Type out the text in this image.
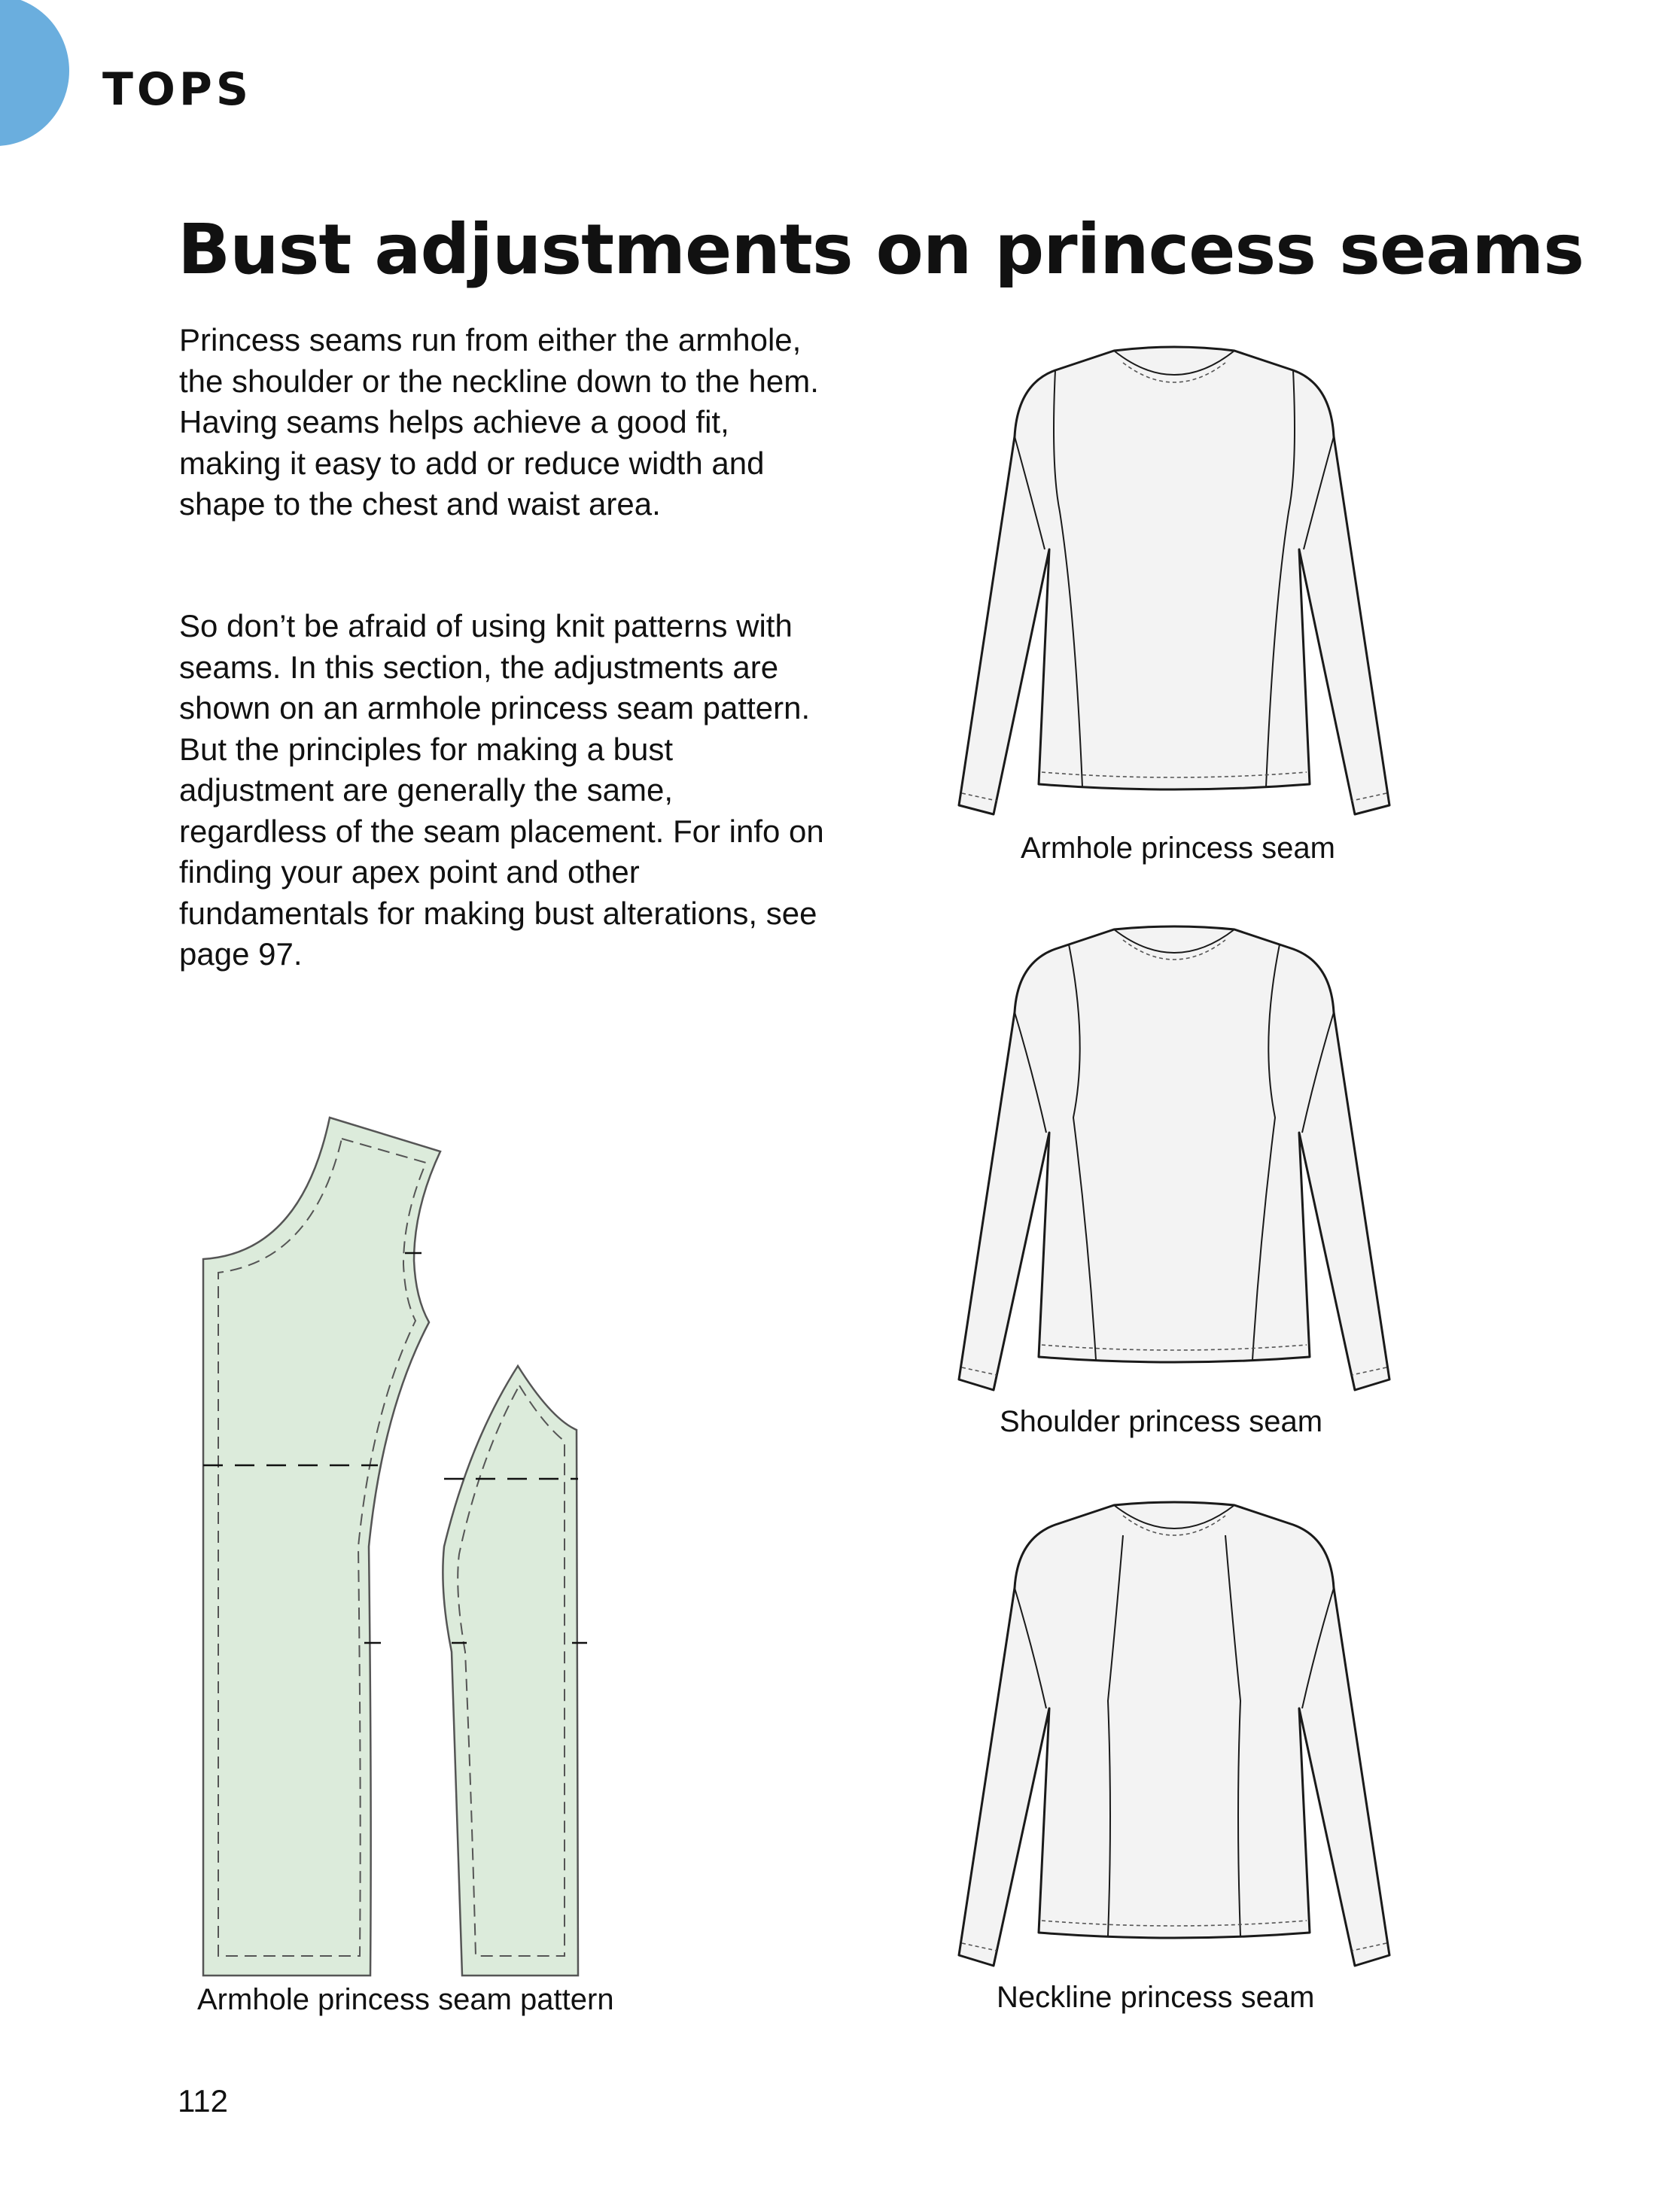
TOPS
Bust adjustments on princess seams
Princess seams run from either the armhole, the shoulder or the neckline down to the hem. Having seams helps achieve a good fit, making it easy to add or reduce width and shape to the chest and waist area.
So don’t be afraid of using knit patterns with seams. In this section, the adjustments are shown on an armhole princess seam pattern. But the principles for making a bust adjustment are generally the same, regardless of the seam placement. For info on finding your apex point and other fundamentals for making bust alterations, see page 97.
Armhole princess seam
Shoulder princess seam
Neckline princess seam
Armhole princess seam pattern
112
